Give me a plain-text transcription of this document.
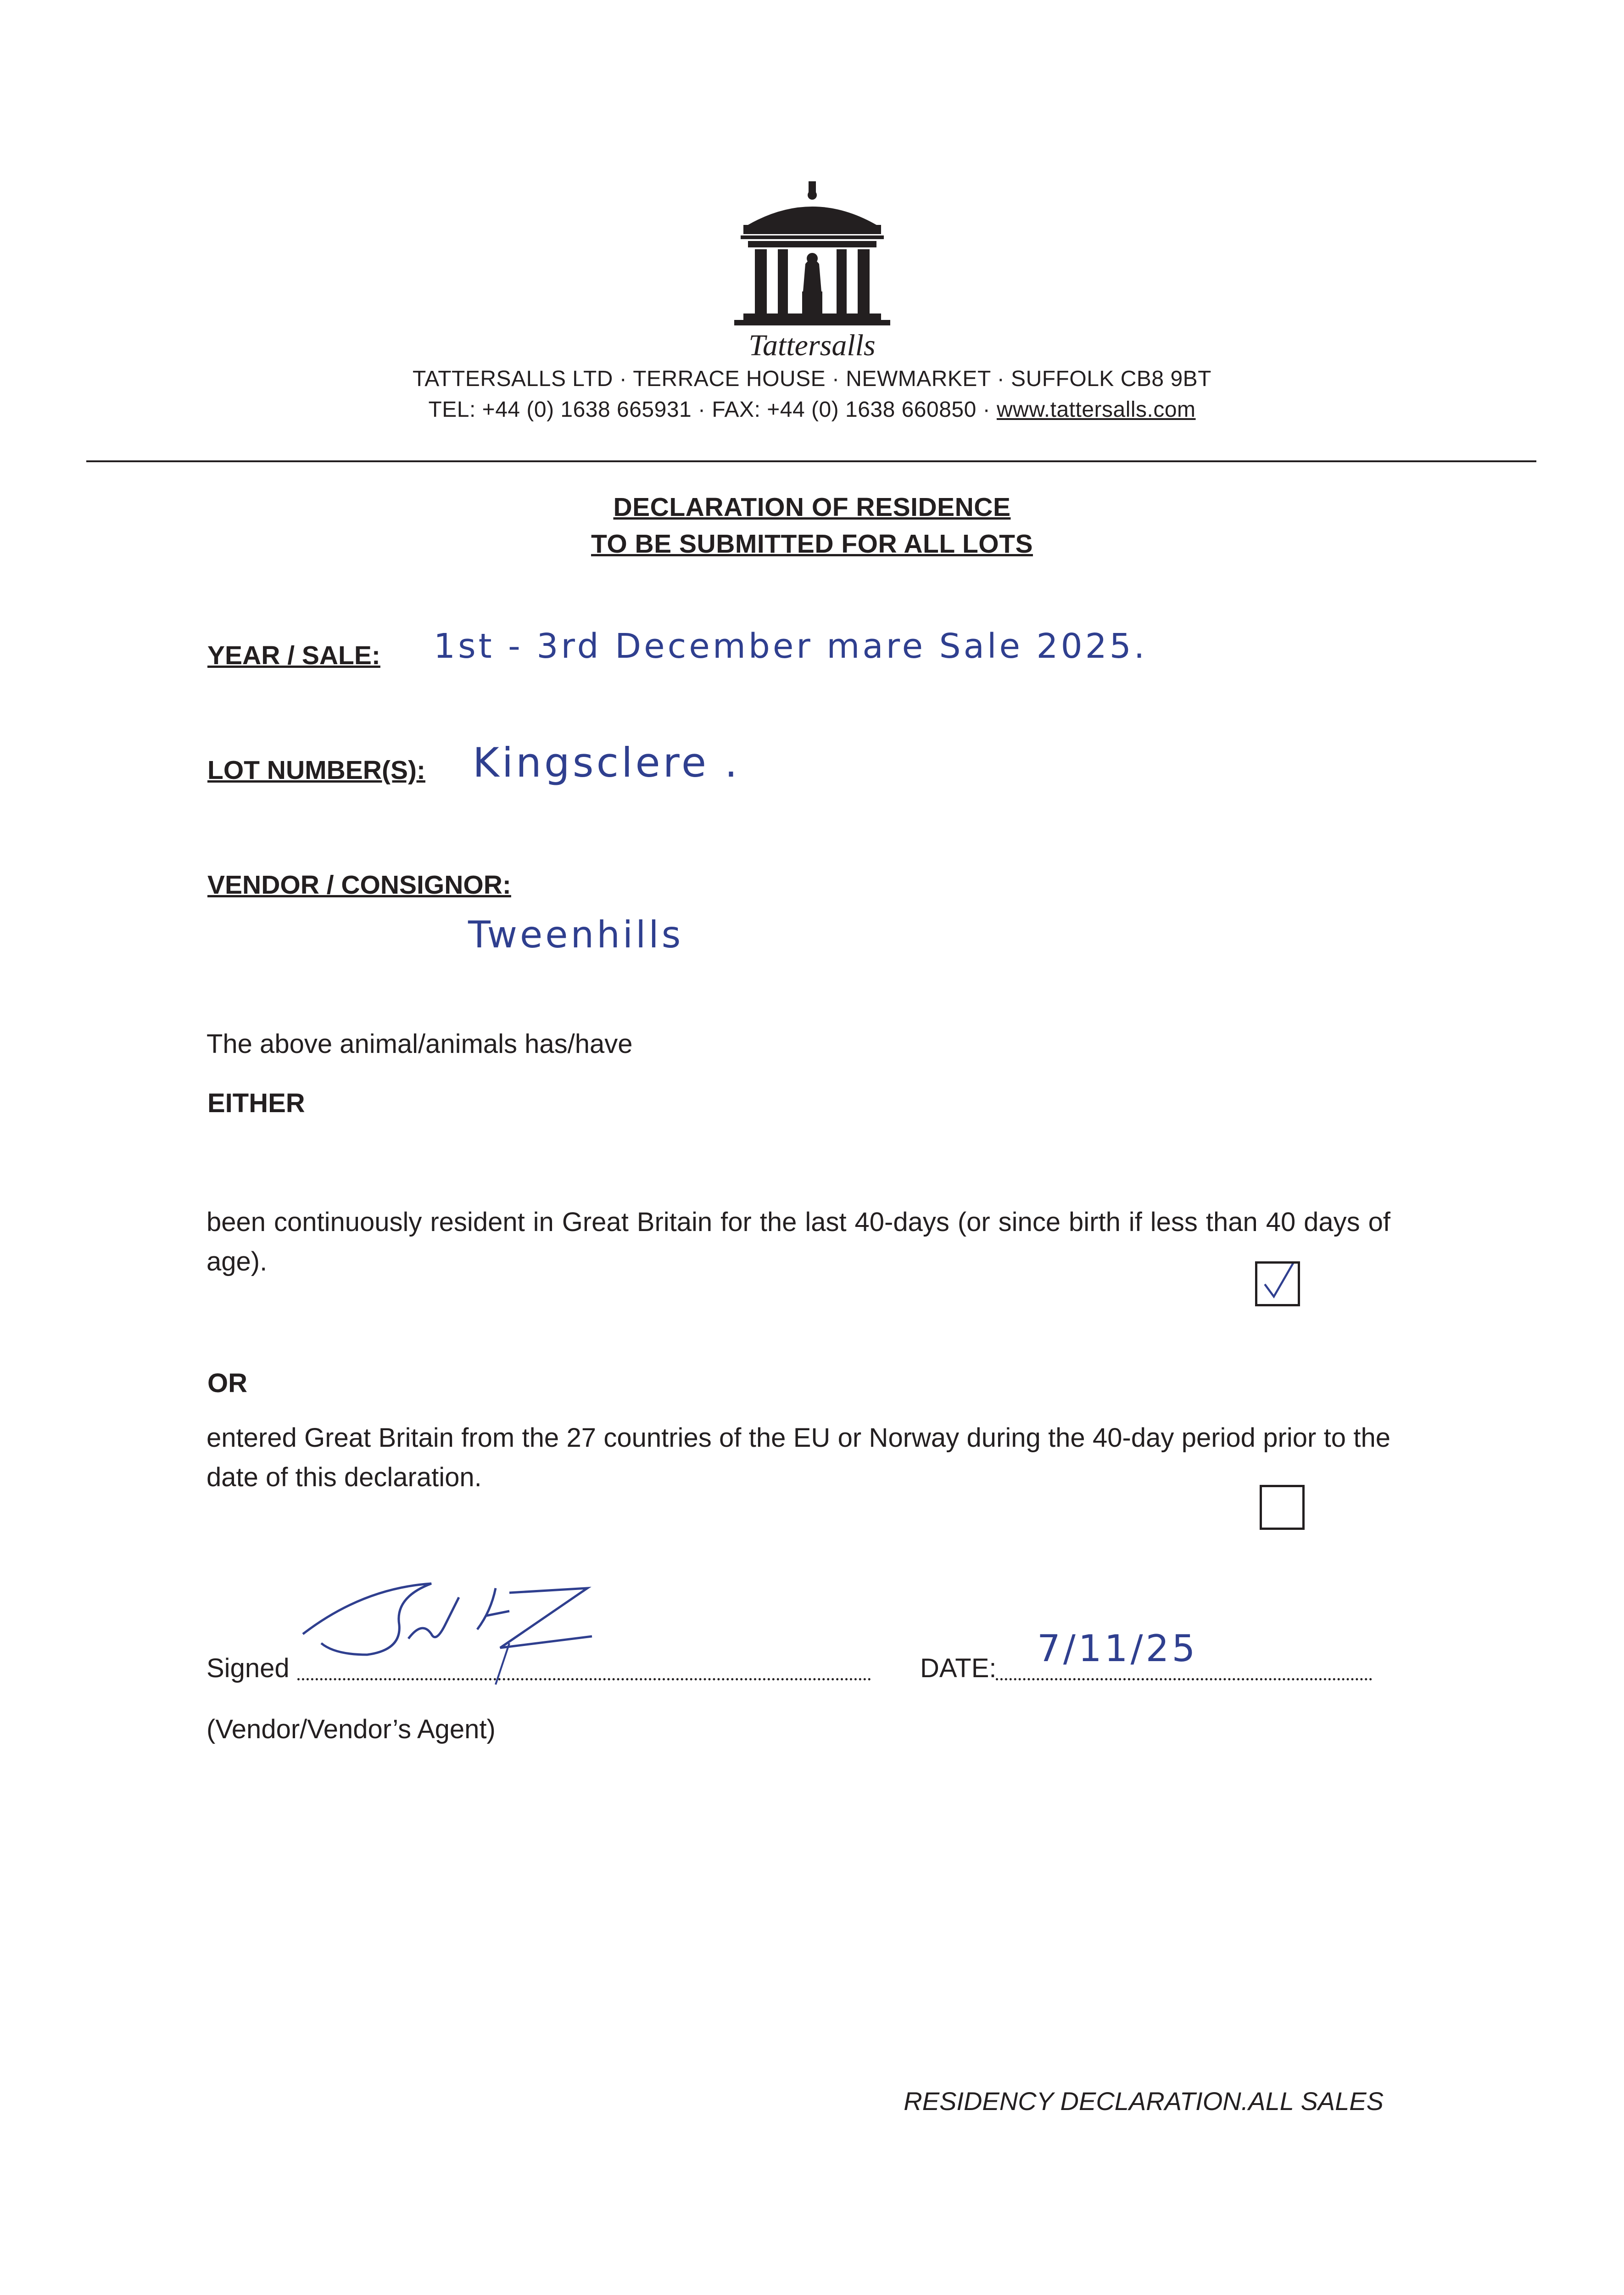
Tattersalls
TATTERSALLS LTD · TERRACE HOUSE · NEWMARKET · SUFFOLK CB8 9BT
TEL: +44 (0) 1638 665931 · FAX: +44 (0) 1638 660850 · www.tattersalls.com
DECLARATION OF RESIDENCE
TO BE SUBMITTED FOR ALL LOTS
YEAR / SALE: 1st - 3rd December mare Sale 2025.
LOT NUMBER(S): Kingsclere .
VENDOR / CONSIGNOR:
Tweenhills
The above animal/animals has/have
EITHER
been continuously resident in Great Britain for the last 40-days (or since birth if less than 40 days of age).
OR
entered Great Britain from the 27 countries of the EU or Norway during the 40-day period prior to the date of this declaration.
Signed	DATE: 7/11/25
(Vendor/Vendor’s Agent)
RESIDENCY DECLARATION.ALL SALES
